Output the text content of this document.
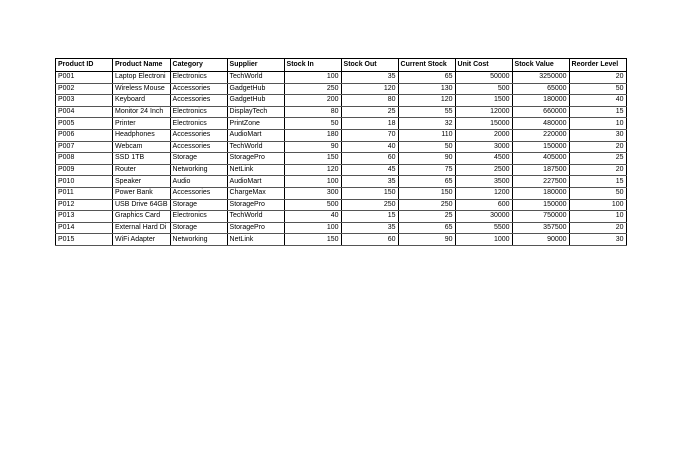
Product ID	Product Name	Category	Supplier	Stock In	Stock Out	Current Stock	Unit Cost	Stock Value	Reorder Level
P001	Laptop Electroni	Electronics	TechWorld	100	35	65	50000	3250000	20
P002	Wireless Mouse	Accessories	GadgetHub	250	120	130	500	65000	50
P003	Keyboard	Accessories	GadgetHub	200	80	120	1500	180000	40
P004	Monitor 24 Inch	Electronics	DisplayTech	80	25	55	12000	660000	15
P005	Printer	Electronics	PrintZone	50	18	32	15000	480000	10
P006	Headphones	Accessories	AudioMart	180	70	110	2000	220000	30
P007	Webcam	Accessories	TechWorld	90	40	50	3000	150000	20
P008	SSD 1TB	Storage	StoragePro	150	60	90	4500	405000	25
P009	Router	Networking	NetLink	120	45	75	2500	187500	20
P010	Speaker	Audio	AudioMart	100	35	65	3500	227500	15
P011	Power Bank	Accessories	ChargeMax	300	150	150	1200	180000	50
P012	USB Drive 64GB	Storage	StoragePro	500	250	250	600	150000	100
P013	Graphics Card	Electronics	TechWorld	40	15	25	30000	750000	10
P014	External Hard Di	Storage	StoragePro	100	35	65	5500	357500	20
P015	WiFi Adapter	Networking	NetLink	150	60	90	1000	90000	30
